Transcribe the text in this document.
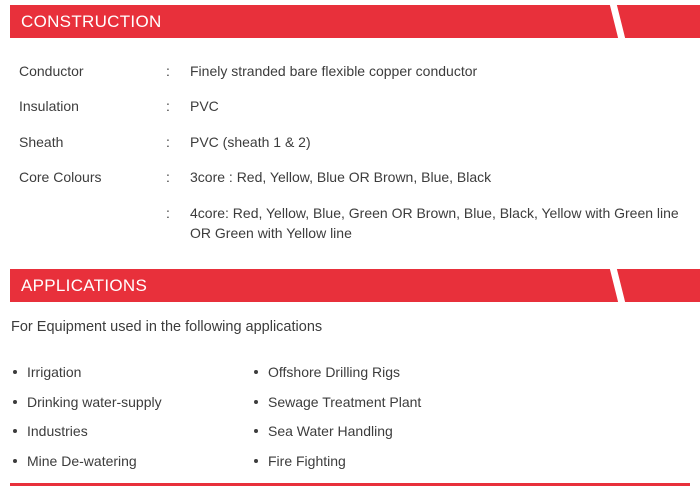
CONSTRUCTION
Conductor	: Finely stranded bare flexible copper conductor
Insulation	: PVC
Sheath	: PVC (sheath 1 & 2)
Core Colours	: 3core : Red, Yellow, Blue OR Brown, Blue, Black
: 4core: Red, Yellow, Blue, Green OR Brown, Blue, Black, Yellow with Green line OR Green with Yellow line
APPLICATIONS
For Equipment used in the following applications
Irrigation
Drinking water-supply
Industries
Mine De-watering
Offshore Drilling Rigs
Sewage Treatment Plant
Sea Water Handling
Fire Fighting
